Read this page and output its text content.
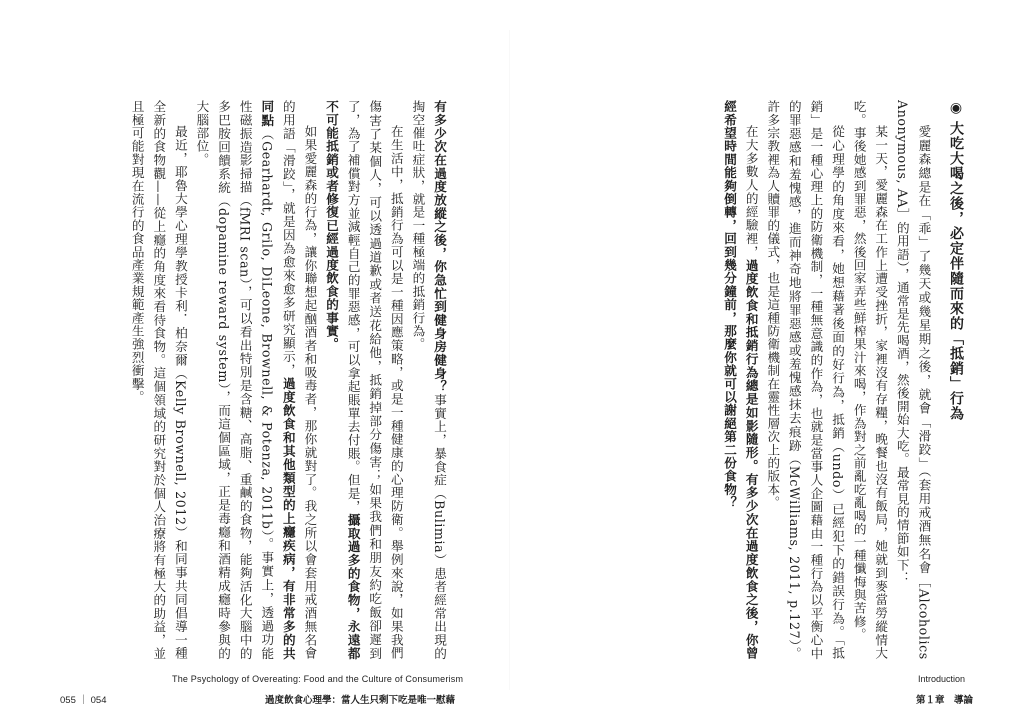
◉大吃大喝之後，必定伴隨而來的「抵銷」行為

愛麗森總是在「乖」了幾天或幾星期之後，就會「滑跤」（套用戒酒無名會［Alcoholics Anonymous, AA］的用語），通常是先喝酒，然後開始大吃。最常見的情節如下：

某一天，愛麗森在工作上遭受挫折，家裡沒有存糧，晚餐也沒有飯局，她就到麥當勞縱情大吃。事後她感到罪惡，然後回家弄些鮮榨果汁來喝，作為對之前亂吃亂喝的一種懺悔與苦修。

從心理學的角度來看，她想藉著後面的好行為，抵銷（undo）已經犯下的錯誤行為。「抵銷」是一種心理上的防衛機制，一種無意識的作為，也就是當事人企圖藉由一種行為以平衡心中的罪惡感和羞愧感，進而神奇地將罪惡感或羞愧感抹去痕跡（McWilliams, 2011, p.127）。許多宗教裡為人贖罪的儀式，也是這種防衛機制在靈性層次上的版本。

在大多數人的經驗裡，過度飲食和抵銷行為總是如影隨形。有多少次在過度飲食之後，你曾經希望時間能夠倒轉，回到幾分鐘前，那麼你就可以謝絕第二份食物？

有多少次在過度放縱之後，你急忙到健身房健身？事實上，暴食症（Bulimia）患者經常出現的掏空催吐症狀，就是一種極端的抵銷行為。

在生活中，抵銷行為可以是一種因應策略，或是一種健康的心理防衛。舉例來說，如果我們傷害了某個人，可以透過道歉或者送花給他，抵銷掉部分傷害；如果我們和朋友約吃飯卻遲到了，為了補償對方並減輕自己的罪惡感，可以拿起賬單去付賬。但是，攝取過多的食物，永遠都不可能抵銷或者修復已經過度飲食的事實。

如果愛麗森的行為，讓你聯想起酗酒者和吸毒者，那你就對了。我之所以會套用戒酒無名會的用語「滑跤」，就是因為愈來愈多研究顯示，過度飲食和其他類型的上癮疾病，有非常多的共同點（Gearhardt, Grilo, DiLeone, Brownell, & Potenza, 2011b）。事實上，透過功能性磁振造影掃描（fMRI scan），可以看出特別是含糖、高脂、重鹹的食物，能夠活化大腦中的多巴胺回饋系統（dopamine reward system），而這個區域，正是毒癮和酒精成癮時參與的大腦部位。

最近，耶魯大學心理學教授卡利．柏奈爾（Kelly Brownell, 2012）和同事共同倡導一種全新的食物觀——從上癮的角度來看待食物。這個領域的研究對於個人治療將有極大的助益，並且極可能對現在流行的食品產業規範產生強烈衝擊。

The Psychology of Overeating: Food and the Culture of Consumerism
過度飲食心理學：當人生只剩下吃是唯一慰藉
055 ｜ 054
Introduction
第１章　導論
